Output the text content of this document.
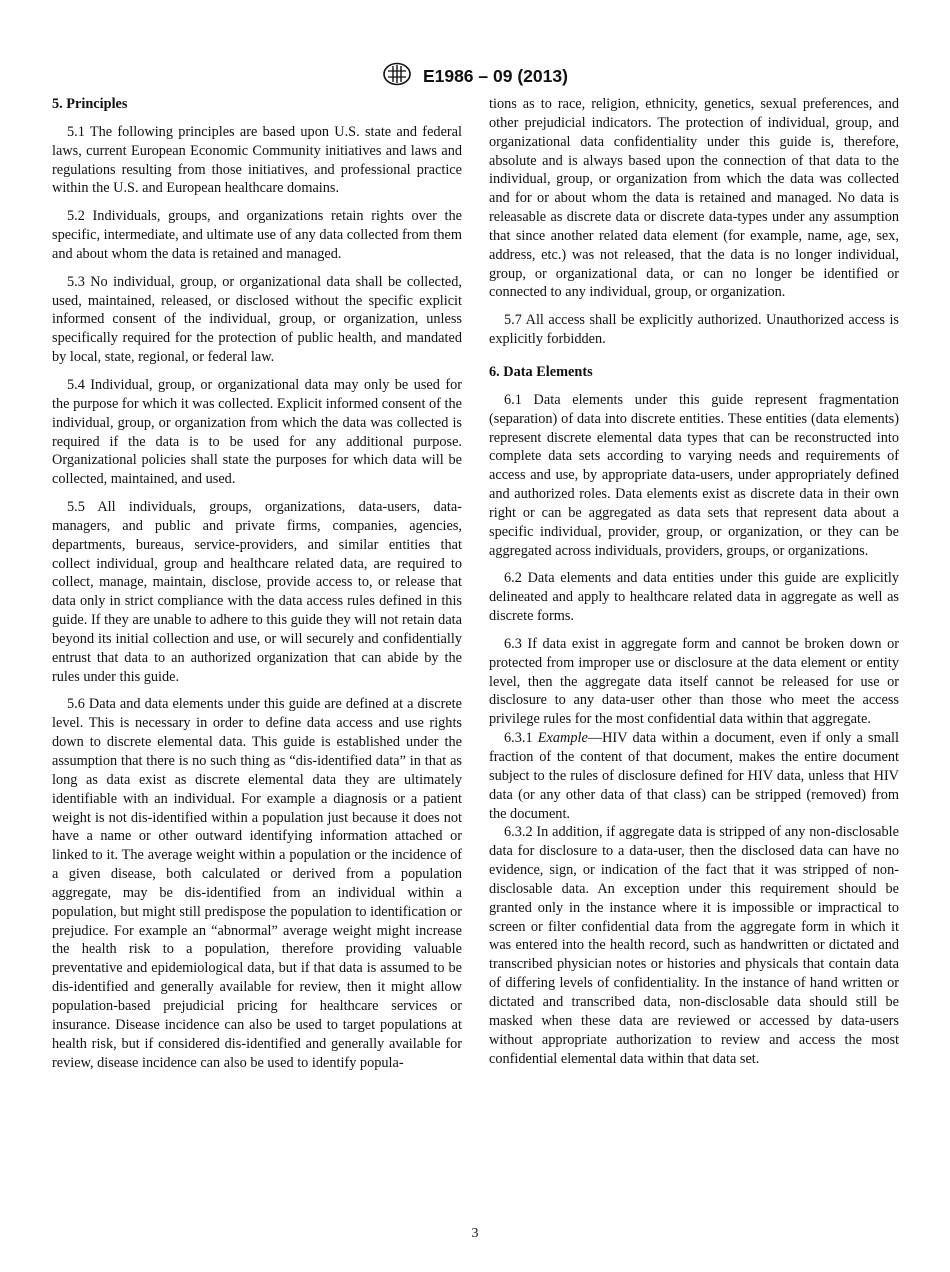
E1986 – 09 (2013)
5. Principles

5.1 The following principles are based upon U.S. state and federal laws, current European Economic Community initiatives and laws and regulations resulting from those initiatives, and professional practice within the U.S. and European healthcare domains.

5.2 Individuals, groups, and organizations retain rights over the specific, intermediate, and ultimate use of any data collected from them and about whom the data is retained and managed.

5.3 No individual, group, or organizational data shall be collected, used, maintained, released, or disclosed without the specific explicit informed consent of the individual, group, or organization, unless specifically required for the protection of public health, and mandated by local, state, regional, or federal law.

5.4 Individual, group, or organizational data may only be used for the purpose for which it was collected. Explicit informed consent of the individual, group, or organization from which the data was collected is required if the data is to be used for any additional purpose. Organizational policies shall state the purposes for which data will be collected, maintained, and used.

5.5 All individuals, groups, organizations, data-users, data-managers, and public and private firms, companies, agencies, departments, bureaus, service-providers, and similar entities that collect individual, group and healthcare related data, are required to collect, manage, maintain, disclose, provide access to, or release that data only in strict compliance with the data access rules defined in this guide. If they are unable to adhere to this guide they will not retain data beyond its initial collection and use, or will securely and confidentially entrust that data to an authorized organization that can abide by the rules under this guide.

5.6 Data and data elements under this guide are defined at a discrete level. This is necessary in order to define data access and use rights down to discrete elemental data. This guide is established under the assumption that there is no such thing as “dis-identified data” in that as long as data exist as discrete elemental data they are ultimately identifiable with an individual. For example a diagnosis or a patient weight is not dis-identified within a population just because it does not have a name or other outward identifying information attached or linked to it. The average weight within a population or the incidence of a given disease, both calculated or derived from a population aggregate, may be dis-identified from an individual within a population, but might still predispose the population to identification or prejudice. For example an “abnormal” average weight might increase the health risk to a population, therefore providing valuable preventative and epidemiological data, but if that data is assumed to be dis-identified and generally available for review, then it might allow population-based prejudicial pricing for healthcare services or insurance. Disease incidence can also be used to target populations at health risk, but if considered dis-identified and generally available for review, disease incidence can also be used to identify popula-

tions as to race, religion, ethnicity, genetics, sexual preferences, and other prejudicial indicators. The protection of individual, group, and organizational data confidentiality under this guide is, therefore, absolute and is always based upon the connection of that data to the individual, group, or organization from which the data was collected and for or about whom the data is retained and managed. No data is releasable as discrete data or discrete data-types under any assumption that since another related data element (for example, name, age, sex, address, etc.) was not released, that the data is no longer individual, group, or organizational data, or can no longer be identified or connected to any individual, group, or organization.

5.7 All access shall be explicitly authorized. Unauthorized access is explicitly forbidden.

6. Data Elements

6.1 Data elements under this guide represent fragmentation (separation) of data into discrete entities. These entities (data elements) represent discrete elemental data types that can be reconstructed into complete data sets according to varying needs and requirements of access and use, by appropriate data-users, under appropriately defined and authorized roles. Data elements exist as discrete data in their own right or can be aggregated as data sets that represent data about a specific individual, provider, group, or organization, or they can be aggregated across individuals, providers, groups, or organizations.

6.2 Data elements and data entities under this guide are explicitly delineated and apply to healthcare related data in aggregate as well as discrete forms.

6.3 If data exist in aggregate form and cannot be broken down or protected from improper use or disclosure at the data element or entity level, then the aggregate data itself cannot be released for use or disclosure to any data-user other than those who meet the access privilege rules for the most confidential data within that aggregate.

6.3.1 Example—HIV data within a document, even if only a small fraction of the content of that document, makes the entire document subject to the rules of disclosure defined for HIV data, unless that HIV data (or any other data of that class) can be stripped (removed) from the document.

6.3.2 In addition, if aggregate data is stripped of any non-disclosable data for disclosure to a data-user, then the disclosed data can have no evidence, sign, or indication of the fact that it was stripped of non-disclosable data. An exception under this requirement should be granted only in the instance where it is impossible or impractical to screen or filter confidential data from the aggregate form in which it was entered into the health record, such as handwritten or dictated and transcribed physician notes or histories and physicals that contain data of differing levels of confidentiality. In the instance of hand written or dictated and transcribed data, non-disclosable data should still be masked when these data are reviewed or accessed by data-users without appropriate authorization to review and access the most confidential elemental data within that data set.

3
